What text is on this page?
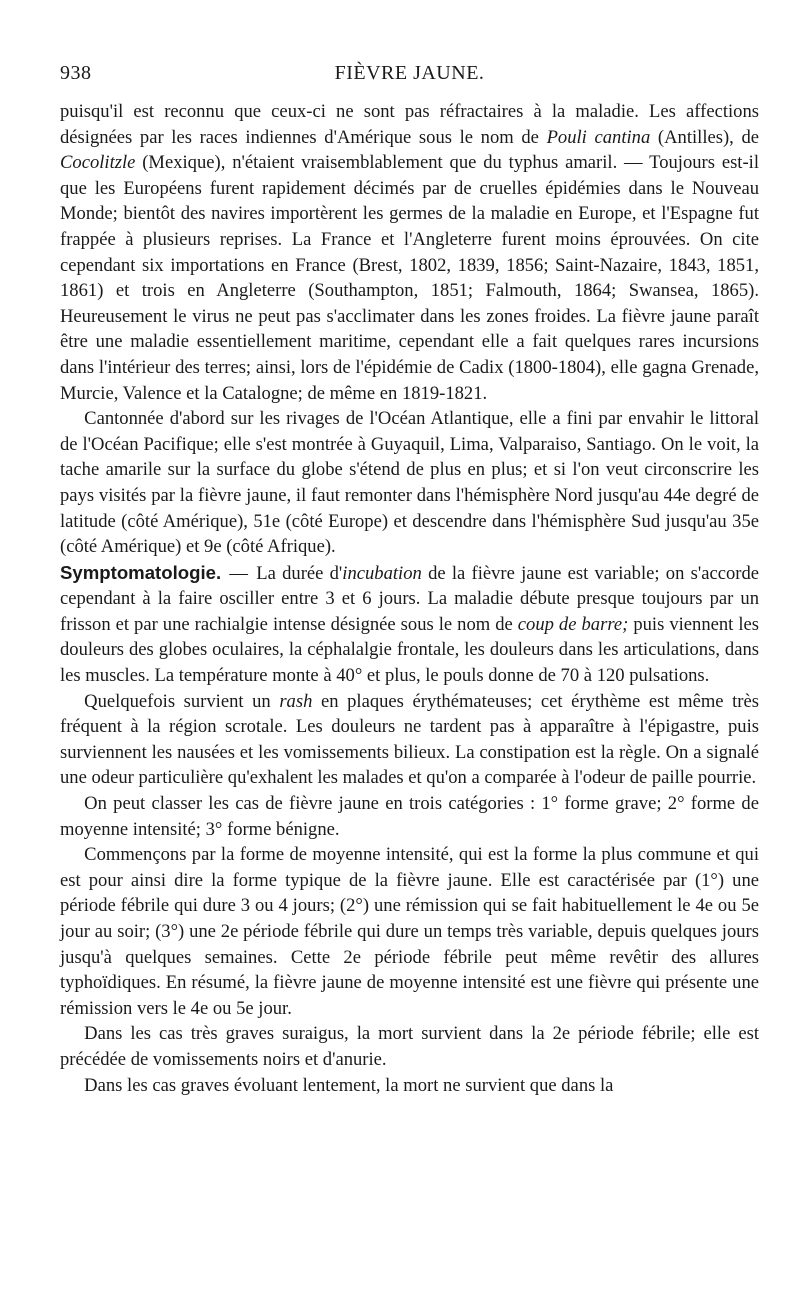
938	FIÈVRE JAUNE.

puisqu'il est reconnu que ceux-ci ne sont pas réfractaires à la maladie. Les affections désignées par les races indiennes d'Amérique sous le nom de Pouli cantina (Antilles), de Cocolitzle (Mexique), n'étaient vraisemblablement que du typhus amaril. — Toujours est-il que les Européens furent rapidement décimés par de cruelles épidémies dans le Nouveau Monde; bientôt des navires importèrent les germes de la maladie en Europe, et l'Espagne fut frappée à plusieurs reprises. La France et l'Angleterre furent moins éprouvées. On cite cependant six importations en France (Brest, 1802, 1839, 1856; Saint-Nazaire, 1843, 1851, 1861) et trois en Angleterre (Southampton, 1851; Falmouth, 1864; Swansea, 1865). Heureusement le virus ne peut pas s'acclimater dans les zones froides. La fièvre jaune paraît être une maladie essentiellement maritime, cependant elle a fait quelques rares incursions dans l'intérieur des terres; ainsi, lors de l'épidémie de Cadix (1800-1804), elle gagna Grenade, Murcie, Valence et la Catalogne; de même en 1819-1821.

Cantonnée d'abord sur les rivages de l'Océan Atlantique, elle a fini par envahir le littoral de l'Océan Pacifique; elle s'est montrée à Guyaquil, Lima, Valparaiso, Santiago. On le voit, la tache amarile sur la surface du globe s'étend de plus en plus; et si l'on veut circonscrire les pays visités par la fièvre jaune, il faut remonter dans l'hémisphère Nord jusqu'au 44e degré de latitude (côté Amérique), 51e (côté Europe) et descendre dans l'hémisphère Sud jusqu'au 35e (côté Amérique) et 9e (côté Afrique).

Symptomatologie. — La durée d'incubation de la fièvre jaune est variable; on s'accorde cependant à la faire osciller entre 3 et 6 jours. La maladie débute presque toujours par un frisson et par une rachialgie intense désignée sous le nom de coup de barre; puis viennent les douleurs des globes oculaires, la céphalalgie frontale, les douleurs dans les articulations, dans les muscles. La température monte à 40° et plus, le pouls donne de 70 à 120 pulsations.

Quelquefois survient un rash en plaques érythémateuses; cet érythème est même très fréquent à la région scrotale. Les douleurs ne tardent pas à apparaître à l'épigastre, puis surviennent les nausées et les vomissements bilieux. La constipation est la règle. On a signalé une odeur particulière qu'exhalent les malades et qu'on a comparée à l'odeur de paille pourrie.

On peut classer les cas de fièvre jaune en trois catégories : 1° forme grave; 2° forme de moyenne intensité; 3° forme bénigne.

Commençons par la forme de moyenne intensité, qui est la forme la plus commune et qui est pour ainsi dire la forme typique de la fièvre jaune. Elle est caractérisée par (1°) une période fébrile qui dure 3 ou 4 jours; (2°) une rémission qui se fait habituellement le 4e ou 5e jour au soir; (3°) une 2e période fébrile qui dure un temps très variable, depuis quelques jours jusqu'à quelques semaines. Cette 2e période fébrile peut même revêtir des allures typhoïdiques. En résumé, la fièvre jaune de moyenne intensité est une fièvre qui présente une rémission vers le 4e ou 5e jour.

Dans les cas très graves suraigus, la mort survient dans la 2e période fébrile; elle est précédée de vomissements noirs et d'anurie.

Dans les cas graves évoluant lentement, la mort ne survient que dans la
